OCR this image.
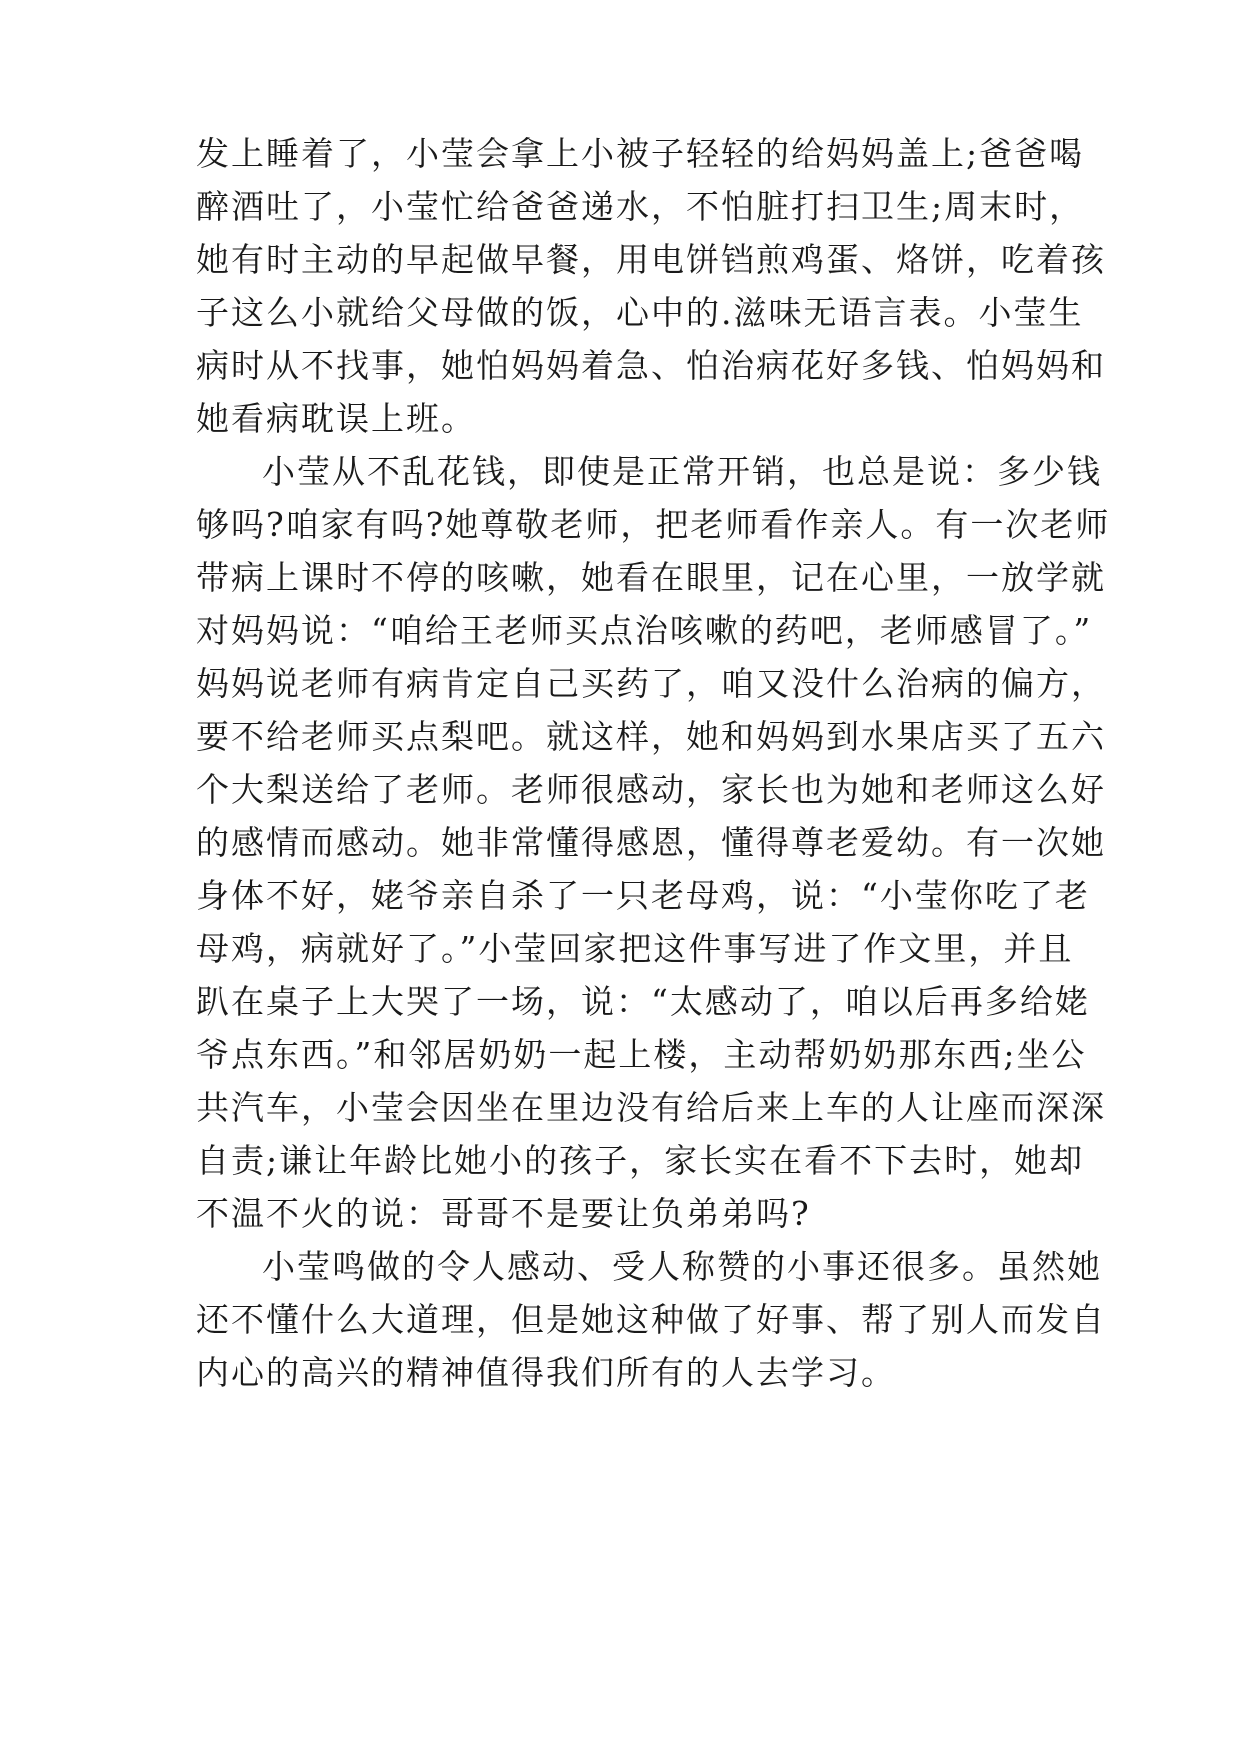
发上睡着了，小莹会拿上小被子轻轻的给妈妈盖上;爸爸喝
醉酒吐了，小莹忙给爸爸递水，不怕脏打扫卫生;周末时，
她有时主动的早起做早餐，用电饼铛煎鸡蛋、烙饼，吃着孩
子这么小就给父母做的饭，心中的.滋味无语言表。小莹生
病时从不找事，她怕妈妈着急、怕治病花好多钱、怕妈妈和
她看病耽误上班。
小莹从不乱花钱，即使是正常开销，也总是说：多少钱
够吗?咱家有吗?她尊敬老师，把老师看作亲人。有一次老师
带病上课时不停的咳嗽，她看在眼里，记在心里，一放学就
对妈妈说：“咱给王老师买点治咳嗽的药吧，老师感冒了。”
妈妈说老师有病肯定自己买药了，咱又没什么治病的偏方，
要不给老师买点梨吧。就这样，她和妈妈到水果店买了五六
个大梨送给了老师。老师很感动，家长也为她和老师这么好
的感情而感动。她非常懂得感恩，懂得尊老爱幼。有一次她
身体不好，姥爷亲自杀了一只老母鸡，说：“小莹你吃了老
母鸡，病就好了。”小莹回家把这件事写进了作文里，并且
趴在桌子上大哭了一场，说：“太感动了，咱以后再多给姥
爷点东西。”和邻居奶奶一起上楼，主动帮奶奶那东西;坐公
共汽车，小莹会因坐在里边没有给后来上车的人让座而深深
自责;谦让年龄比她小的孩子，家长实在看不下去时，她却
不温不火的说：哥哥不是要让负弟弟吗?
小莹鸣做的令人感动、受人称赞的小事还很多。虽然她
还不懂什么大道理，但是她这种做了好事、帮了别人而发自
内心的高兴的精神值得我们所有的人去学习。
